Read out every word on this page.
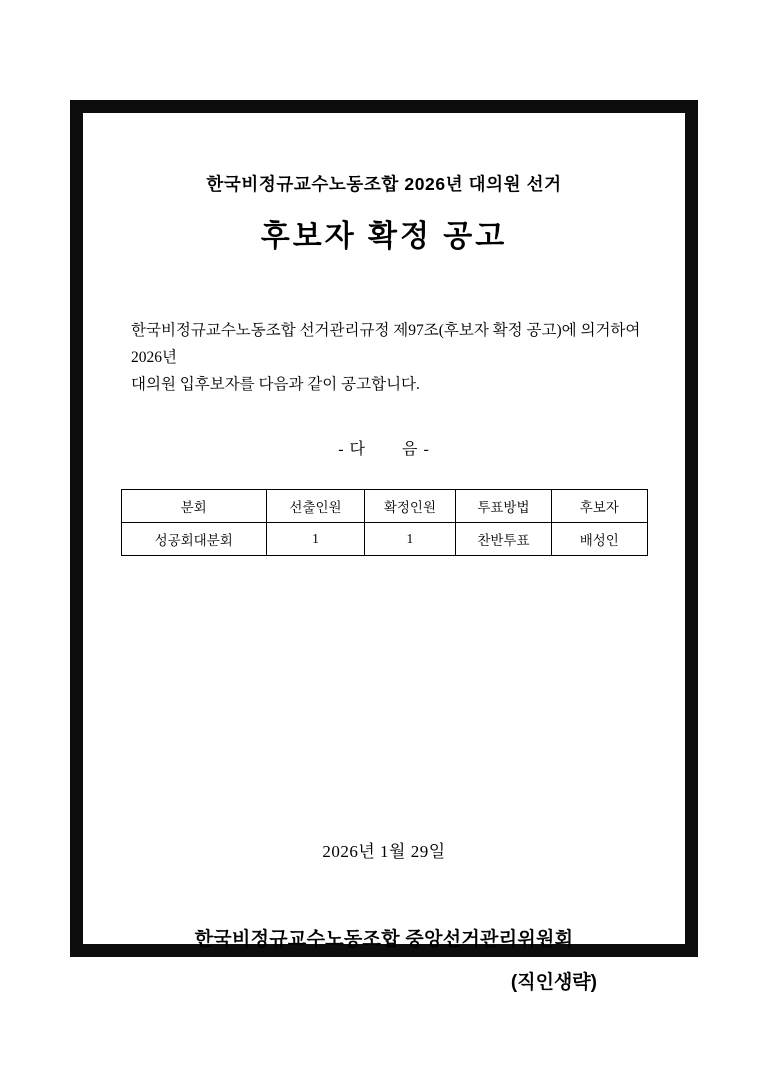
한국비정규교수노동조합 2026년 대의원 선거
후보자 확정 공고
한국비정규교수노동조합 선거관리규정 제97조(후보자 확정 공고)에 의거하여 2026년
대의원 입후보자를 다음과 같이 공고합니다.
- 다 음 -
분회	선출인원	확정인원	투표방법	후보자
성공회대분회	1	1	찬반투표	배성인
2026년 1월 29일
한국비정규교수노동조합 중앙선거관리위원회
(직인생략)
